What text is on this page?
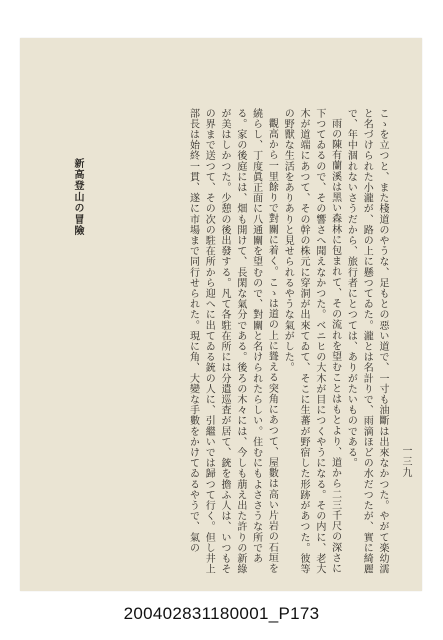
こゝを立つと、また棧道のやうな、足もとの惡い道で、一寸も油斷は出來なかつた。やがて楽幼濡と名づけられた小瀧が、路の上に懸つてゐた。瀧とは名計りで、雨滴ほどの水だつたが、實に綺麗で、年中涸れないさうだから、旅行者にとつては、ありがたいものである。

雨の陳有蘭溪は黑い森林に包まれて、その流れを望むことはもとより、道から二三千尺の深さに下つてゐるので、その響さへ聞えなかつた。ベニヒの大木が目につくやうになる。その内に、老大木が道端にあつて、その幹の株元に穿洞が出來てゐて、そこに生蕃が野宿した形跡があつた。彼等の野獸な生活をありありと見せられるやうな氣がした。

觀高から一里餘りで對關に着く。こゝは道の上に聳える突角にあつて、屋數は高い片岩の石垣を繞らし、丁度眞正面に八通關を望むので、對關と名けられたらしい。住むにもよささうな所である。家の後庭には、畑も開けて、長閑な氣分である。後ろの木々には、今しも萠え出た許りの新綠が美はしかつた。少憩の後出發する。凡て各駐在所には分遣巡査が居て、銃を擔ふ人は、いつもその界まで送つて、その次の駐在所から迎へに出てゐる銃の人に、引繼いでは歸つて行く。但し井上部長は始終一貫、遂に市場まで同行せられた。現に角、大變な手數をかけてゐるやうで、氣の

新高登山の冒險
一三九
200402831180001_P173
